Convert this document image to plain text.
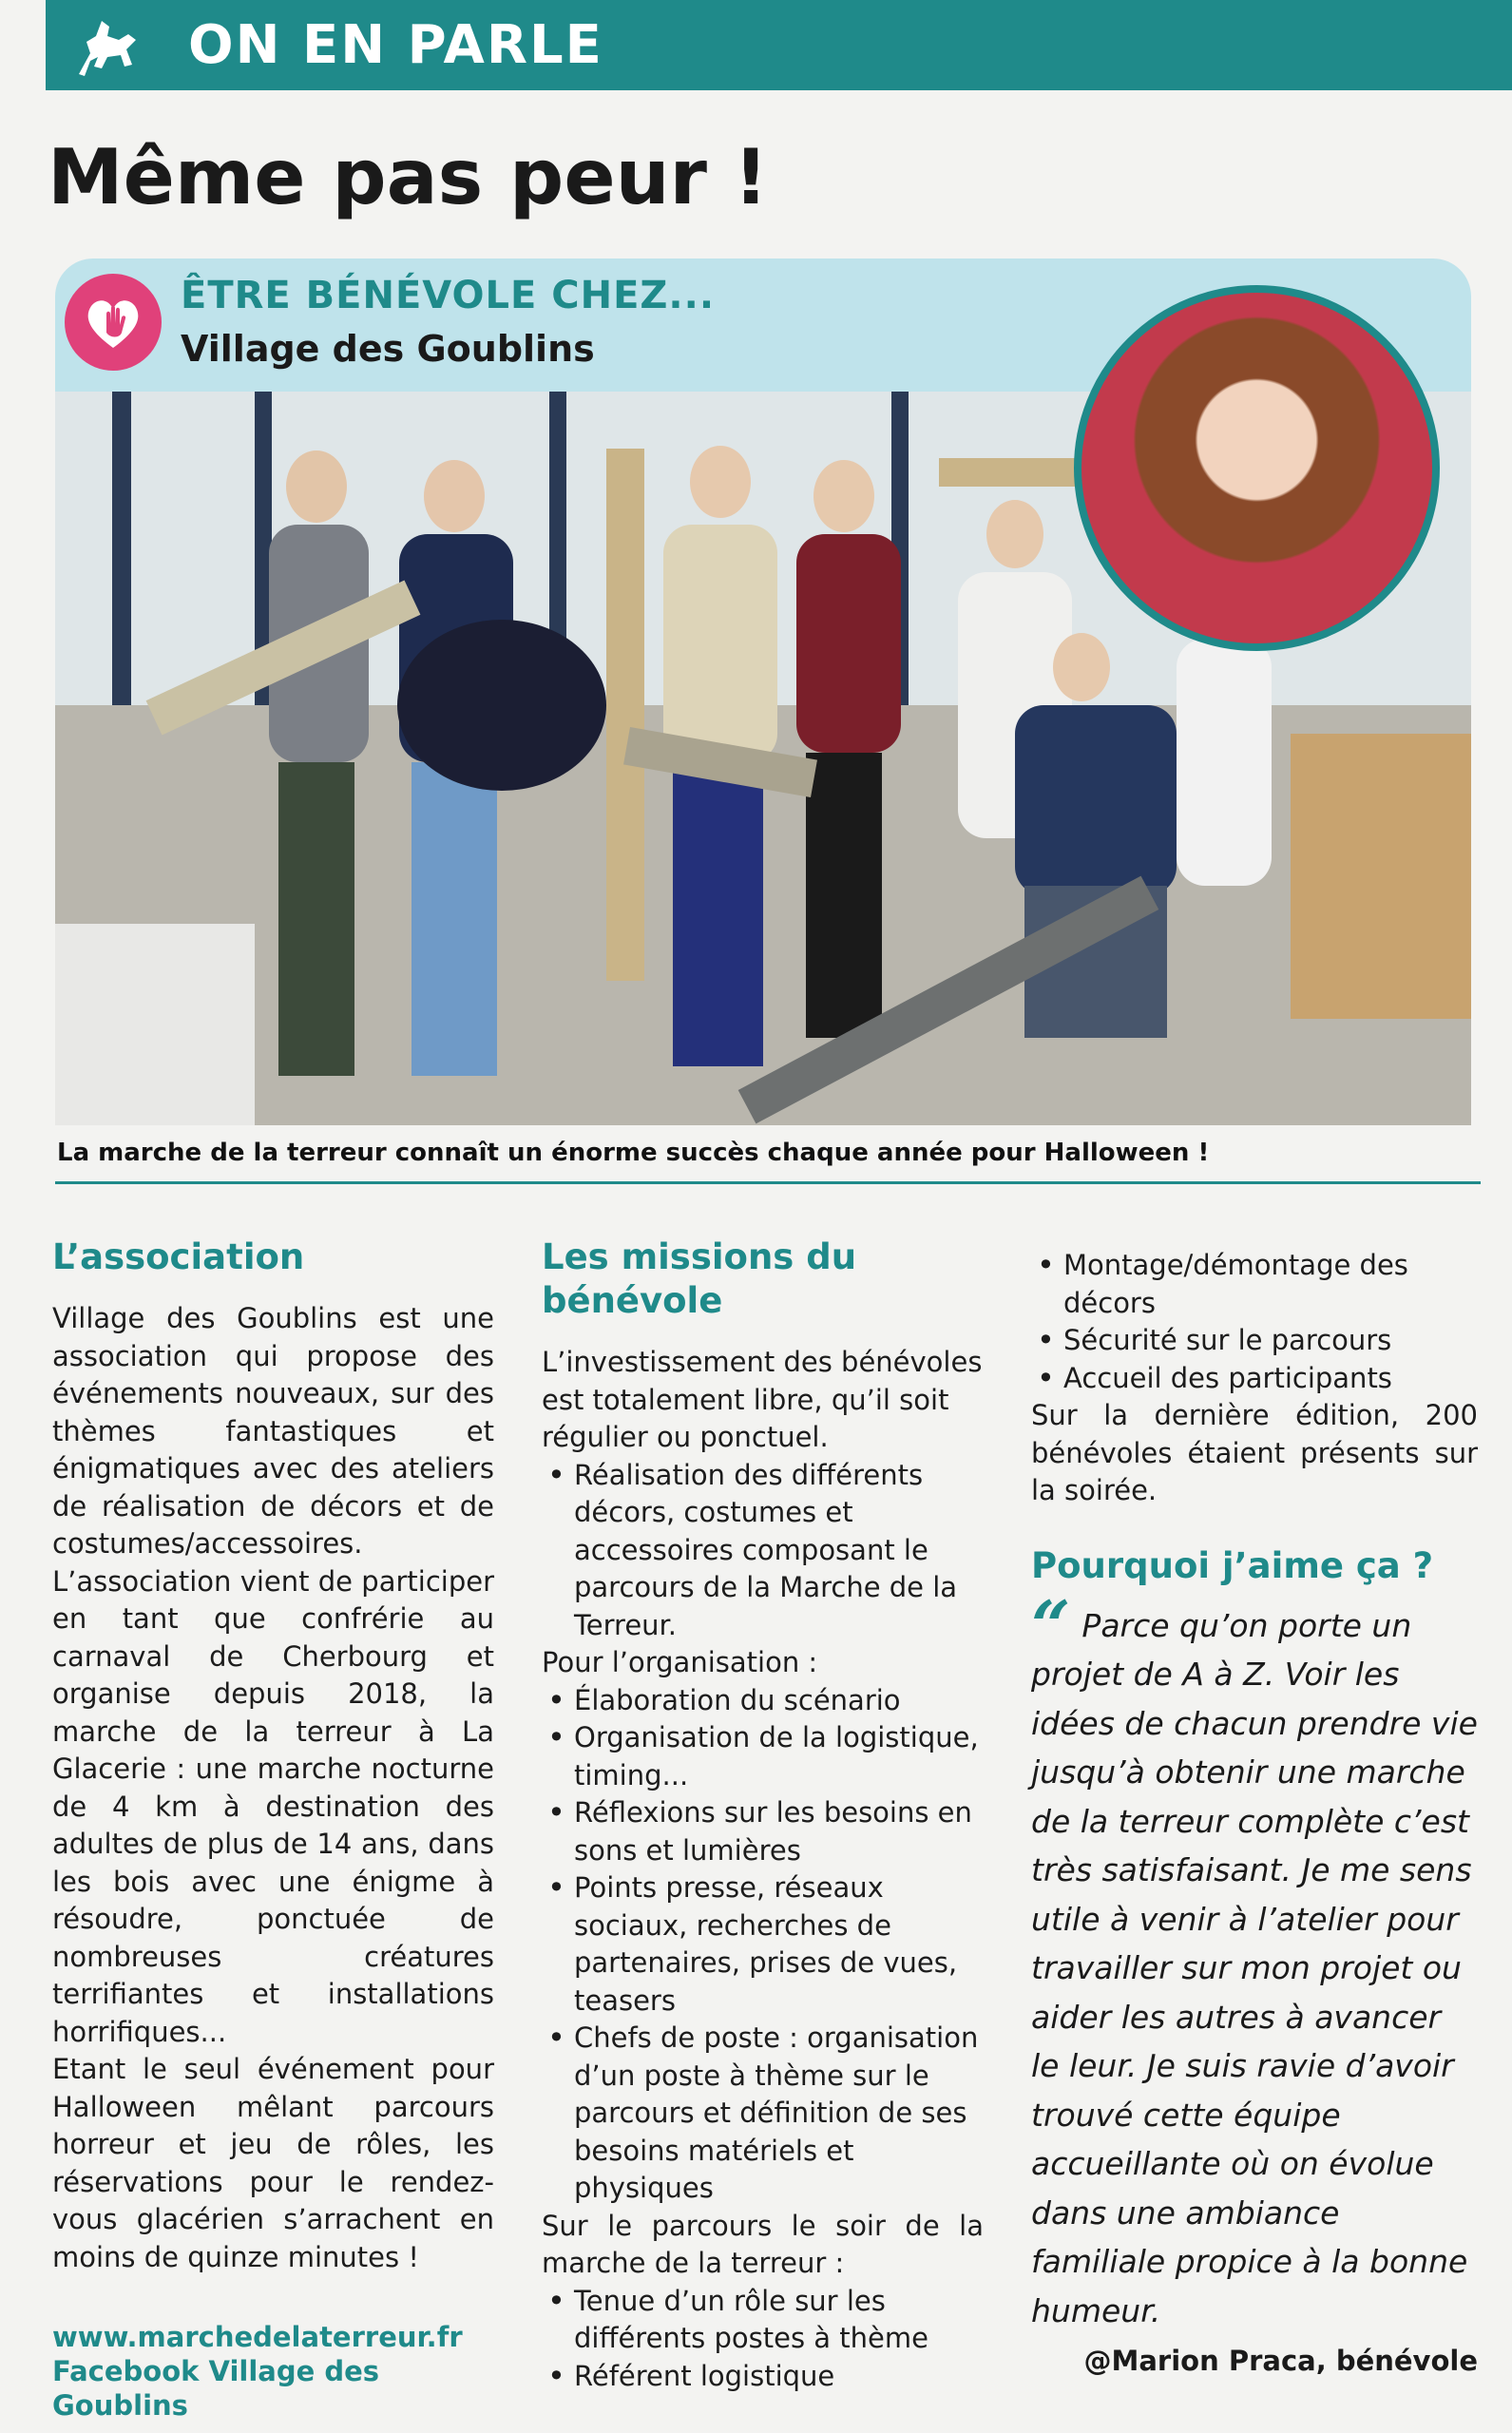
ON EN PARLE
Même pas peur !
ÊTRE BÉNÉVOLE CHEZ...
Village des Goublins
La marche de la terreur connaît un énorme succès chaque année pour Halloween !
L’association

Village des Goublins est une association qui propose des événements nouveaux, sur des thèmes fantastiques et énigmatiques avec des ateliers de réalisation de décors et de costumes/accessoires.

L’association vient de participer en tant que confrérie au carnaval de Cherbourg et organise depuis 2018, la marche de la terreur à La Glacerie : une marche nocturne de 4 km à destination des adultes de plus de 14 ans, dans les bois avec une énigme à résoudre, ponctuée de nombreuses créatures terrifiantes et installations horrifiques...

Etant le seul événement pour Halloween mêlant parcours horreur et jeu de rôles, les réservations pour le rendez-vous glacérien s’arrachent en moins de quinze minutes !

www.marchedelaterreur.fr
Facebook Village des Goublins
Les missions du bénévole
L’investissement des bénévoles est totalement libre, qu’il soit régulier ou ponctuel.
• Réalisation des différents décors, costumes et accessoires composant le parcours de la Marche de la Terreur.
Pour l’organisation :
• Élaboration du scénario
• Organisation de la logistique, timing...
• Réflexions sur les besoins en sons et lumières
• Points presse, réseaux sociaux, recherches de partenaires, prises de vues, teasers
• Chefs de poste : organisation d’un poste à thème sur le parcours et définition de ses besoins matériels et physiques
Sur le parcours le soir de la marche de la terreur :
• Tenue d’un rôle sur les différents postes à thème
• Référent logistique
• Montage/démontage des décors
• Sécurité sur le parcours
• Accueil des participants
Sur la dernière édition, 200 bénévoles étaient présents sur la soirée.
Pourquoi j’aime ça ?
“ Parce qu’on porte un projet de A à Z. Voir les idées de chacun prendre vie jusqu’à obtenir une marche de la terreur complète c’est très satisfaisant. Je me sens utile à venir à l’atelier pour travailler sur mon projet ou aider les autres à avancer le leur. Je suis ravie d’avoir trouvé cette équipe accueillante où on évolue dans une ambiance familiale propice à la bonne humeur.
@Marion Praca, bénévole
